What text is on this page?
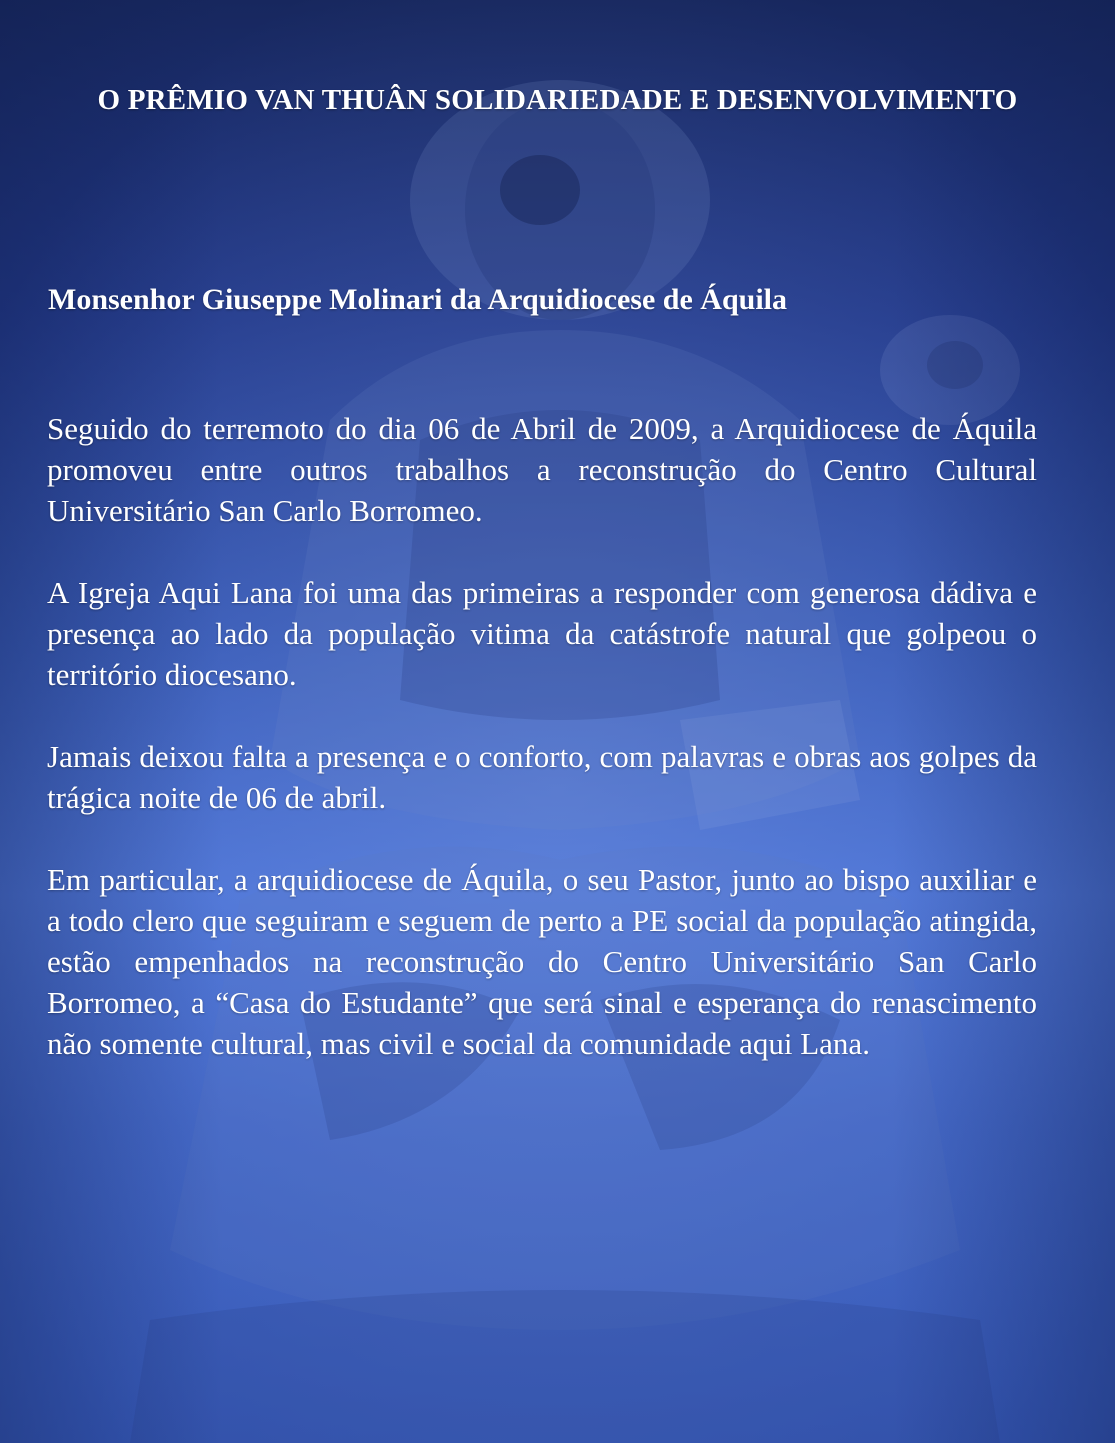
O PRÊMIO VAN THUÂN SOLIDARIEDADE E DESENVOLVIMENTO
Monsenhor Giuseppe Molinari da Arquidiocese de Áquila

Seguido do terremoto do dia 06 de Abril de 2009, a Arquidiocese de Áquila promoveu entre outros trabalhos a reconstrução do Centro Cultural Universitário San Carlo Borromeo.

A Igreja Aqui Lana foi uma das primeiras a responder com generosa dádiva e presença ao lado da população vitima da catástrofe natural que golpeou o território diocesano.

Jamais deixou falta a presença e o conforto, com palavras e obras aos golpes da trágica noite de 06 de abril.

Em particular, a arquidiocese de Áquila, o seu Pastor, junto ao bispo auxiliar e a todo clero que seguiram e seguem de perto a PE social da população atingida, estão empenhados na reconstrução do Centro Universitário San Carlo Borromeo, a “Casa do Estudante” que será sinal e esperança do renascimento não somente cultural, mas civil e social da comunidade aqui Lana.
